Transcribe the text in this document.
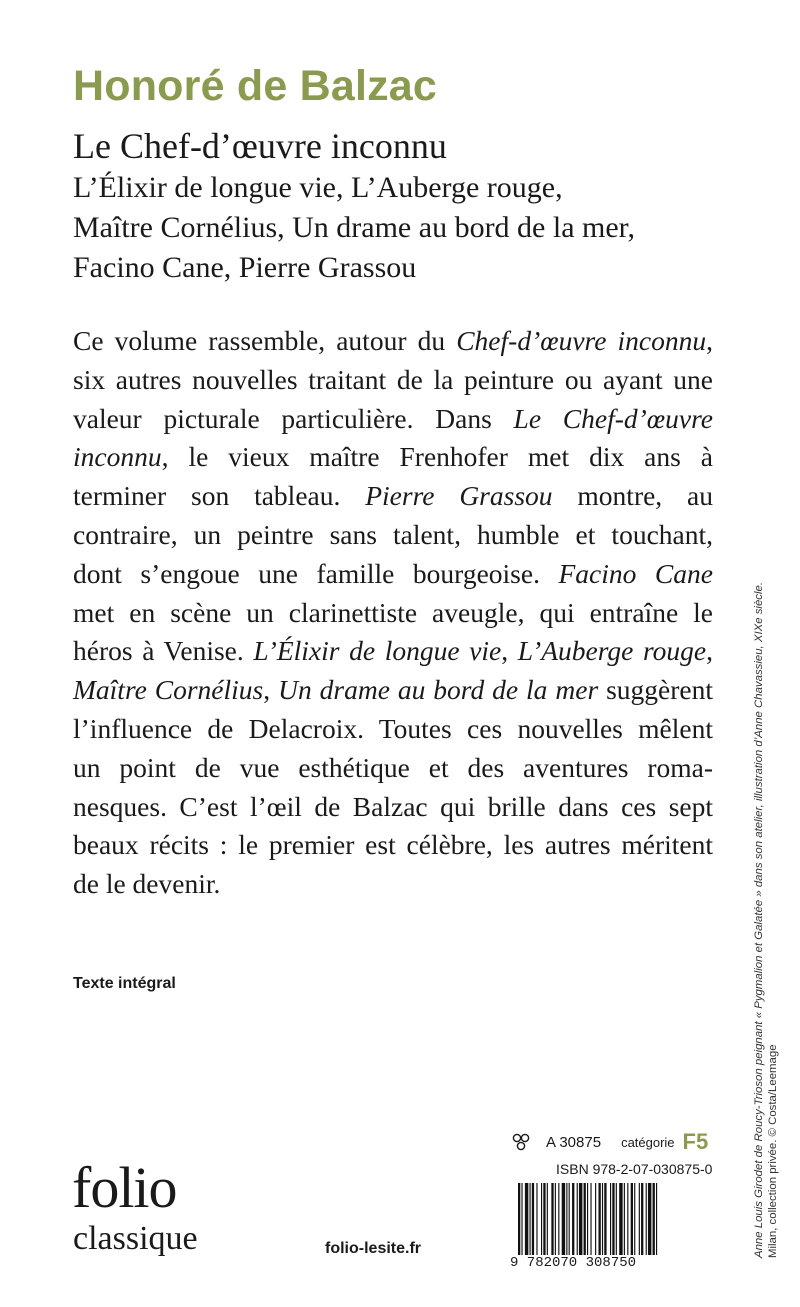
Honoré de Balzac
Le Chef-d’œuvre inconnu
L’Élixir de longue vie, L’Auberge rouge,
Maître Cornélius, Un drame au bord de la mer,
Facino Cane, Pierre Grassou
Ce volume rassemble, autour du Chef-d’œuvre inconnu,
six autres nouvelles traitant de la peinture ou ayant une
valeur picturale particulière. Dans Le Chef-d’œuvre
inconnu, le vieux maître Frenhofer met dix ans à
terminer son tableau. Pierre Grassou montre, au
contraire, un peintre sans talent, humble et touchant,
dont s’engoue une famille bourgeoise. Facino Cane
met en scène un clarinettiste aveugle, qui entraîne le
héros à Venise. L’Élixir de longue vie, L’Auberge rouge,
Maître Cornélius, Un drame au bord de la mer suggèrent
l’influence de Delacroix. Toutes ces nouvelles mêlent
un point de vue esthétique et des aventures roma-
nesques. C’est l’œil de Balzac qui brille dans ces sept
beaux récits : le premier est célèbre, les autres méritent
de le devenir.
Texte intégral
folio
classique	folio-lesite.fr
A 30875 catégorie F5
ISBN 978-2-07-030875-0
9 782070 308750
Anne Louis Girodet de Roucy-Trioson peignant « Pygmalion et Galatée » dans son atelier, illustration d’Anne Chavassieu, XIXe siècle. Milan, collection privée. © Costa/Leemage
